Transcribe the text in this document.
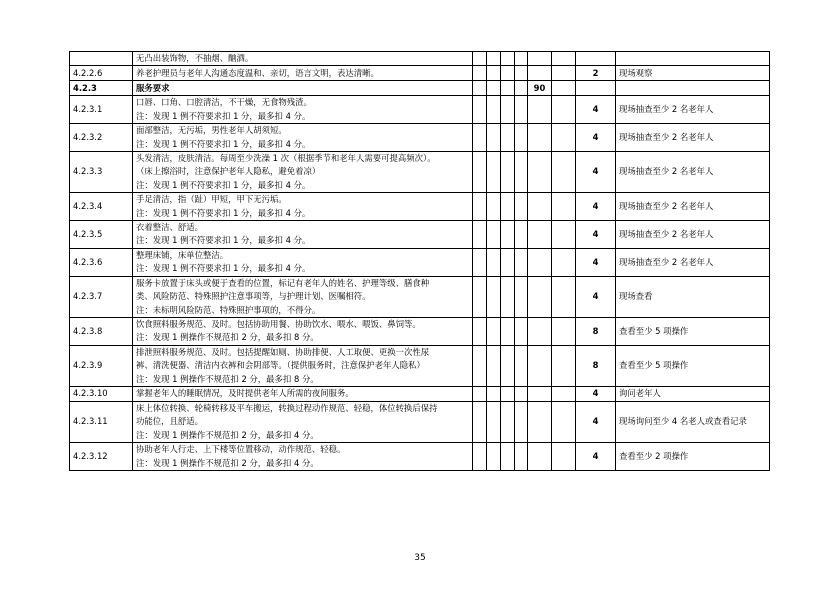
	无凸出装饰物，不抽烟、酗酒。								

4.2.2.6	养老护理员与老年人沟通态度温和、亲切，语言文明，表达清晰。							2	现场观察
4.2.3	服务要求					90			
4.2.3.1	口唇、口角、口腔清洁，不干燥，无食物残渣。
注：发现 1 例不符要求扣 1 分，最多扣 4 分。							4	现场抽查至少 2 名老年人
4.2.3.2	面部整洁，无污垢，男性老年人胡须短。
注：发现 1 例不符要求扣 1 分，最多扣 4 分。							4	现场抽查至少 2 名老年人
4.2.3.3	头发清洁，皮肤清洁。每周至少洗澡 1 次（根据季节和老年人需要可提高频次）。
（床上擦浴时，注意保护老年人隐私，避免着凉）
注：发现 1 例不符要求扣 1 分，最多扣 4 分。							4	现场抽查至少 2 名老年人
4.2.3.4	手足清洁，指（趾）甲短，甲下无污垢。
注：发现 1 例不符要求扣 1 分，最多扣 4 分。							4	现场抽查至少 2 名老年人
4.2.3.5	衣着整洁、舒适。
注：发现 1 例不符要求扣 1 分，最多扣 4 分。							4	现场抽查至少 2 名老年人
4.2.3.6	整理床铺，床单位整洁。
注：发现 1 例不符要求扣 1 分，最多扣 4 分。							4	现场抽查至少 2 名老年人
4.2.3.7	服务卡放置于床头或便于查看的位置，标记有老年人的姓名、护理等级、膳食种
类、风险防范、特殊照护注意事项等，与护理计划、医嘱相符。
注：未标明风险防范、特殊照护事项的，不得分。							4	现场查看
4.2.3.8	饮食照料服务规范、及时。包括协助用餐、协助饮水、喂水、喂饭、鼻饲等。
注：发现 1 例操作不规范扣 2 分，最多扣 8 分。							8	查看至少 5 项操作
4.2.3.9	排泄照料服务规范、及时。包括提醒如厕、协助排便、人工取便、更换一次性尿
裤、清洗便器、清洁内衣裤和会阴部等。（提供服务时，注意保护老年人隐私）
注：发现 1 例操作不规范扣 2 分，最多扣 8 分。							8	查看至少 5 项操作
4.2.3.10	掌握老年人的睡眠情况，及时提供老年人所需的夜间服务。							4	询问老年人
4.2.3.11	床上体位转换、轮椅转移及平车搬运，转换过程动作规范、轻稳，体位转换后保持
功能位，且舒适。
注：发现 1 例操作不规范扣 2 分，最多扣 4 分。							4	现场询问至少 4 名老人或查看记录
4.2.3.12	协助老年人行走、上下楼等位置移动，动作规范、轻稳。
注：发现 1 例操作不规范扣 2 分，最多扣 4 分。							4	查看至少 2 项操作
35
